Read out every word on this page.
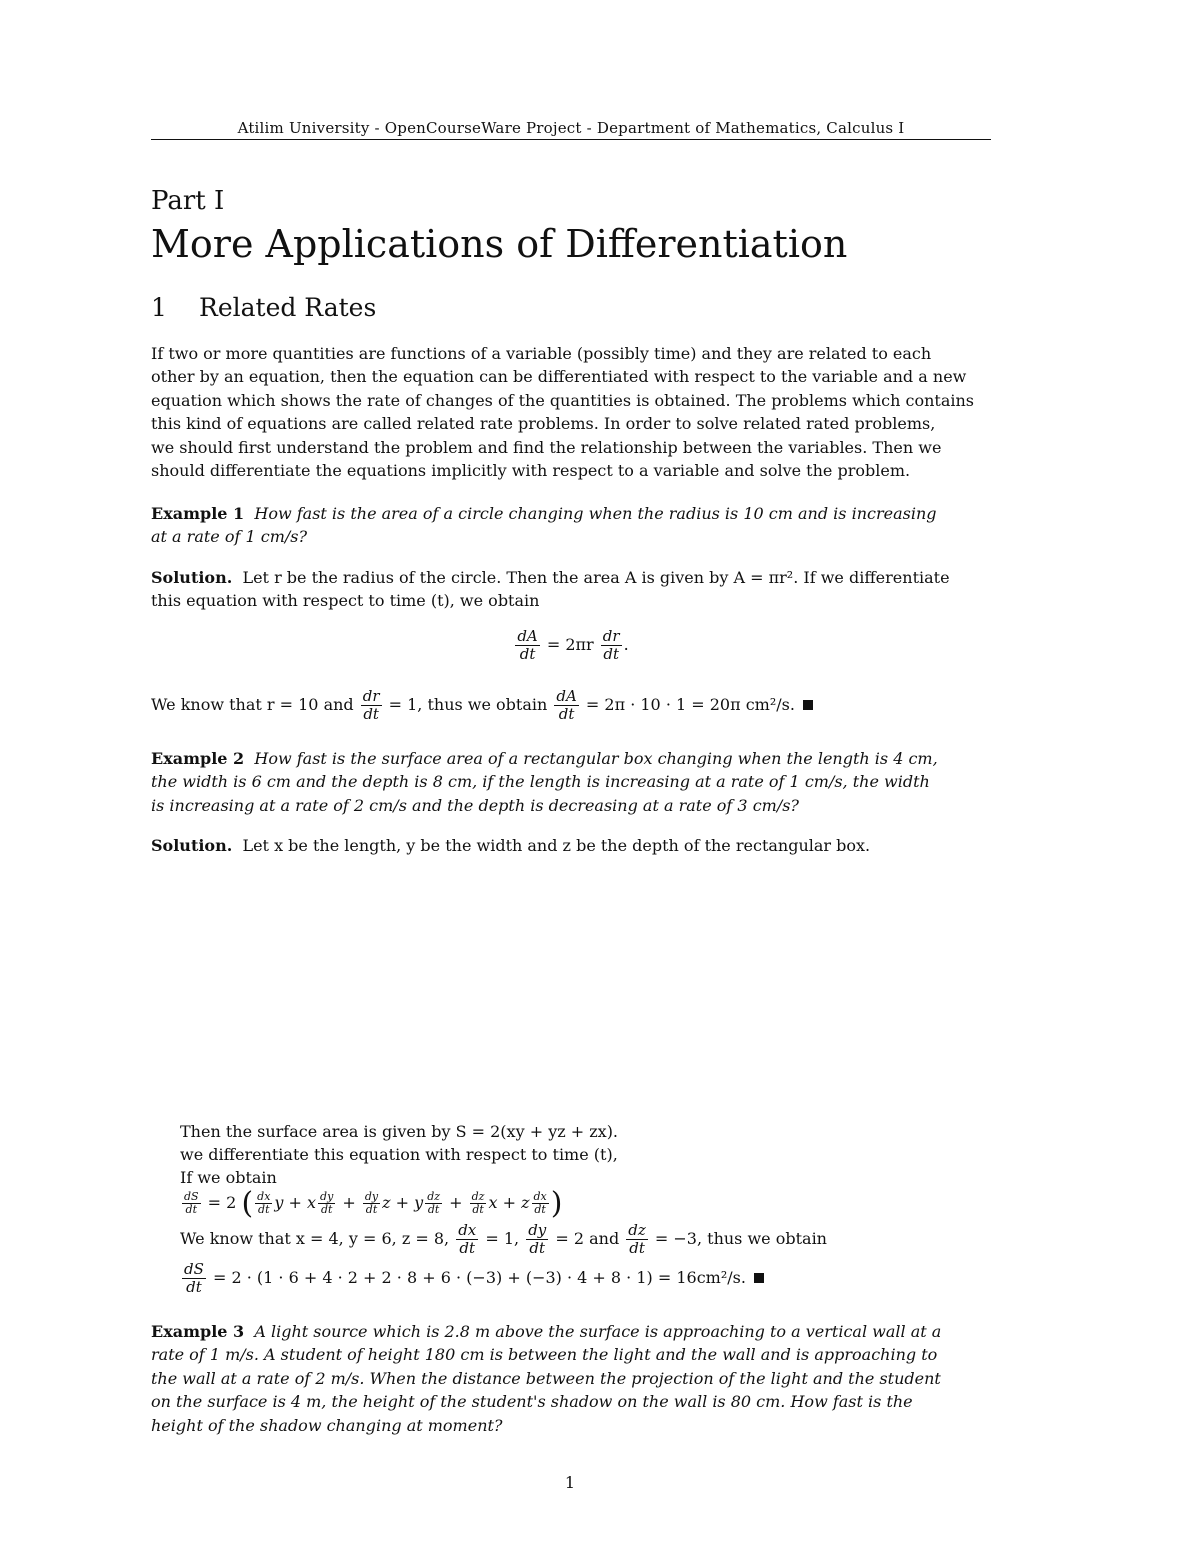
Atilim University - OpenCourseWare Project - Department of Mathematics, Calculus I
Part I
More Applications of Differentiation
1 Related Rates
If two or more quantities are functions of a variable (possibly time) and they are related to each
other by an equation, then the equation can be differentiated with respect to the variable and a new
equation which shows the rate of changes of the quantities is obtained. The problems which contains
this kind of equations are called related rate problems. In order to solve related rated problems,
we should first understand the problem and find the relationship between the variables. Then we
should differentiate the equations implicitly with respect to a variable and solve the problem.
Example 1 How fast is the area of a circle changing when the radius is 10 cm and is increasing
at a rate of 1 cm/s?
Solution. Let r be the radius of the circle. Then the area A is given by A = πr². If we differentiate
this equation with respect to time (t), we obtain
$\frac{dA}{dt} = 2\pi r \frac{dr}{dt}$ .
We know that r = 10 and $\frac{dr}{dt} = 1$, thus we obtain $\frac{dA}{dt} = 2\pi \cdot 10 \cdot 1 = 20\pi$ cm²/s.
Example 2 How fast is the surface area of a rectangular box changing when the length is 4 cm,
the width is 6 cm and the depth is 8 cm, if the length is increasing at a rate of 1 cm/s, the width
is increasing at a rate of 2 cm/s and the depth is decreasing at a rate of 3 cm/s?
Solution. Let x be the length, y be the width and z be the depth of the rectangular box.
Then the surface area is given by S = 2(xy + yz + zx).
we differentiate this equation with respect to time (t),
If we obtain
$\frac{dS}{dt} = 2$ ( $\frac{dx}{dt}$ y + x $\frac{dy}{dt} + \frac{dy}{dt}$ z + y $\frac{dz}{dt} + \frac{dz}{dt}$ x + z $\frac{dx}{dt}$ )
We know that x = 4, y = 6, z = 8, $\frac{dx}{dt} = 1$, $\frac{dy}{dt} = 2$ and $\frac{dz}{dt} = -3$, thus we obtain
$\frac{dS}{dt} = 2 \cdot (1 \cdot 6 + 4 \cdot 2 + 2 \cdot 8 + 6 \cdot (-3) + (-3) \cdot 4 + 8 \cdot 1) = 16cm^2/s$.
Example 3 A light source which is 2.8 m above the surface is approaching to a vertical wall at a
rate of 1 m/s. A student of height 180 cm is between the light and the wall and is approaching to
the wall at a rate of 2 m/s. When the distance between the projection of the light and the student
on the surface is 4 m, the height of the student's shadow on the wall is 80 cm. How fast is the
height of the shadow changing at moment?
1
